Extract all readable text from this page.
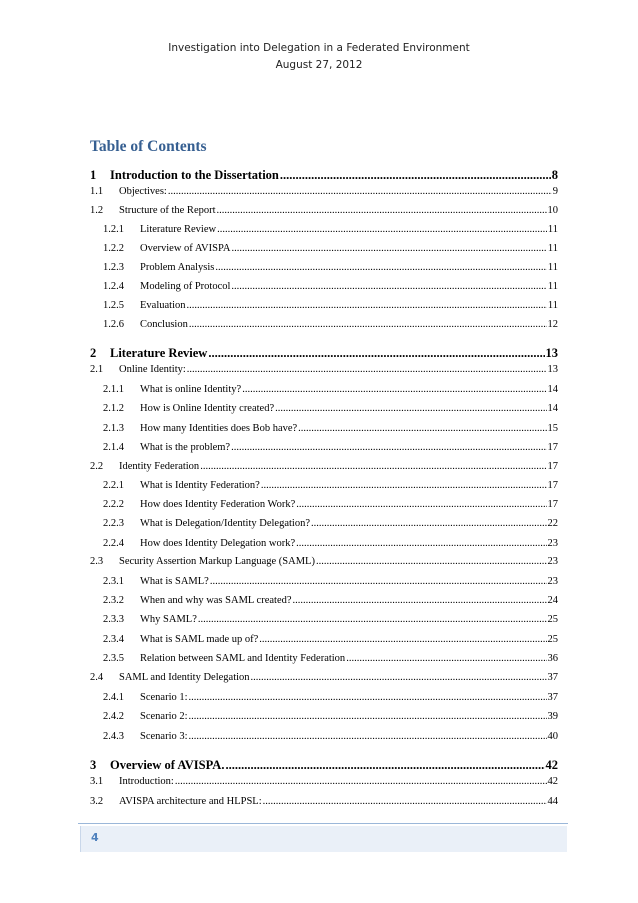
Investigation into Delegation in a Federated Environment
August 27, 2012
Table of Contents
1	Introduction to the Dissertation .....	8
1.1	Objectives: .....	9
1.2	Structure of the Report .....	10
1.2.1	Literature Review .....	11
1.2.2	Overview of AVISPA .....	11
1.2.3	Problem Analysis .....	11
1.2.4	Modeling of Protocol .....	11
1.2.5	Evaluation .....	11
1.2.6	Conclusion .....	12
2	Literature Review .....	13
2.1	Online Identity: .....	13
2.1.1	What is online Identity? .....	14
2.1.2	How is Online Identity created? .....	14
2.1.3	How many Identities does Bob have? .....	15
2.1.4	What is the problem? .....	17
2.2	Identity Federation .....	17
2.2.1	What is Identity Federation? .....	17
2.2.2	How does Identity Federation Work? .....	17
2.2.3	What is Delegation/Identity Delegation? .....	22
2.2.4	How does Identity Delegation work? .....	23
2.3	Security Assertion Markup Language (SAML) .....	23
2.3.1	What is SAML? .....	23
2.3.2	When and why was SAML created? .....	24
2.3.3	Why SAML? .....	25
2.3.4	What is SAML made up of? .....	25
2.3.5	Relation between SAML and Identity Federation .....	36
2.4	SAML and Identity Delegation .....	37
2.4.1	Scenario 1: .....	37
2.4.2	Scenario 2: .....	39
2.4.3	Scenario 3: .....	40
3	Overview of AVISPA. .....	42
3.1	Introduction: .....	42
3.2	AVISPA architecture and HLPSL: .....	44
4
